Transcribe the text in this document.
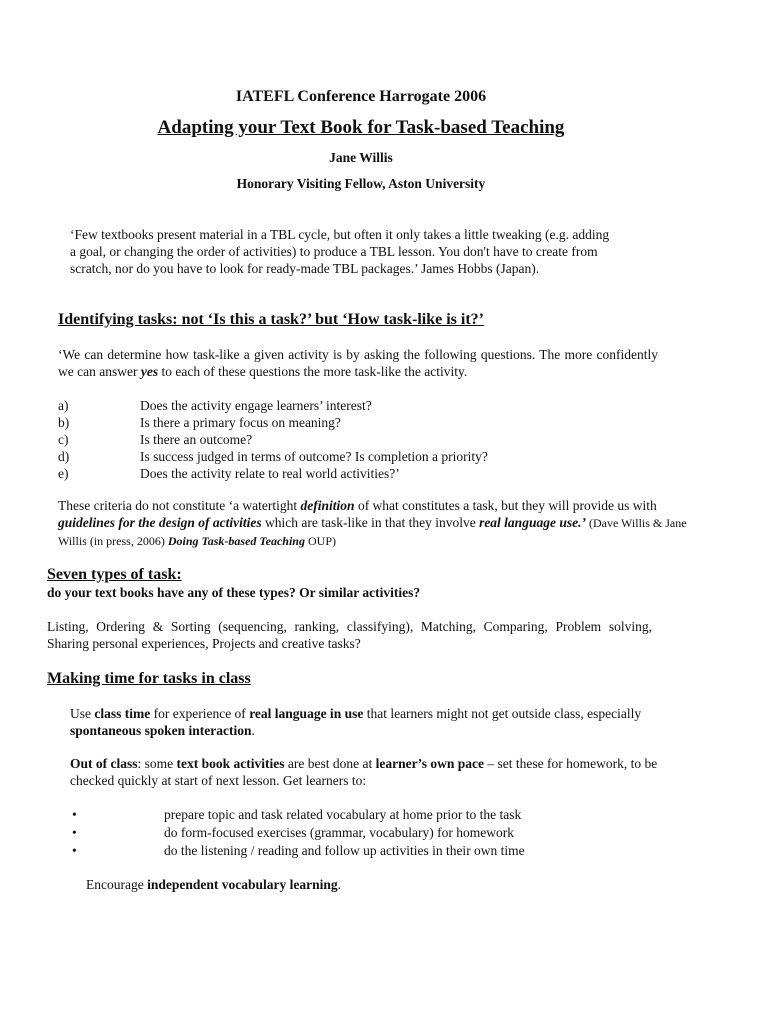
IATEFL Conference Harrogate 2006
Adapting your Text Book for Task-based Teaching
Jane Willis
Honorary Visiting Fellow, Aston University
‘Few textbooks present material in a TBL cycle, but often it only takes a little tweaking (e.g. adding
a goal, or changing the order of activities) to produce a TBL lesson. You don't have to create from
scratch, nor do you have to look for ready-made TBL packages.’ James Hobbs (Japan).
Identifying tasks: not ‘Is this a task?’ but ‘How task-like is it?’
‘We can determine how task-like a given activity is by asking the following questions. The more confidently we can answer yes to each of these questions the more task-like the activity.
a)	Does the activity engage learners’ interest?
b)	Is there a primary focus on meaning?
c)	Is there an outcome?
d)	Is success judged in terms of outcome? Is completion a priority?
e)	Does the activity relate to real world activities?’
These criteria do not constitute ‘a watertight definition of what constitutes a task, but they will provide us with guidelines for the design of activities which are task-like in that they involve real language use.’ (Dave Willis & Jane Willis (in press, 2006) Doing Task-based Teaching OUP)
Seven types of task:
do your text books have any of these types? Or similar activities?
Listing, Ordering & Sorting (sequencing, ranking, classifying), Matching, Comparing, Problem solving, Sharing personal experiences, Projects and creative tasks?
Making time for tasks in class
Use class time for experience of real language in use that learners might not get outside class, especially spontaneous spoken interaction.
Out of class: some text book activities are best done at learner’s own pace – set these for homework, to be checked quickly at start of next lesson. Get learners to:
•	prepare topic and task related vocabulary at home prior to the task
•	do form-focused exercises (grammar, vocabulary) for homework
•	do the listening / reading and follow up activities in their own time
Encourage independent vocabulary learning.
